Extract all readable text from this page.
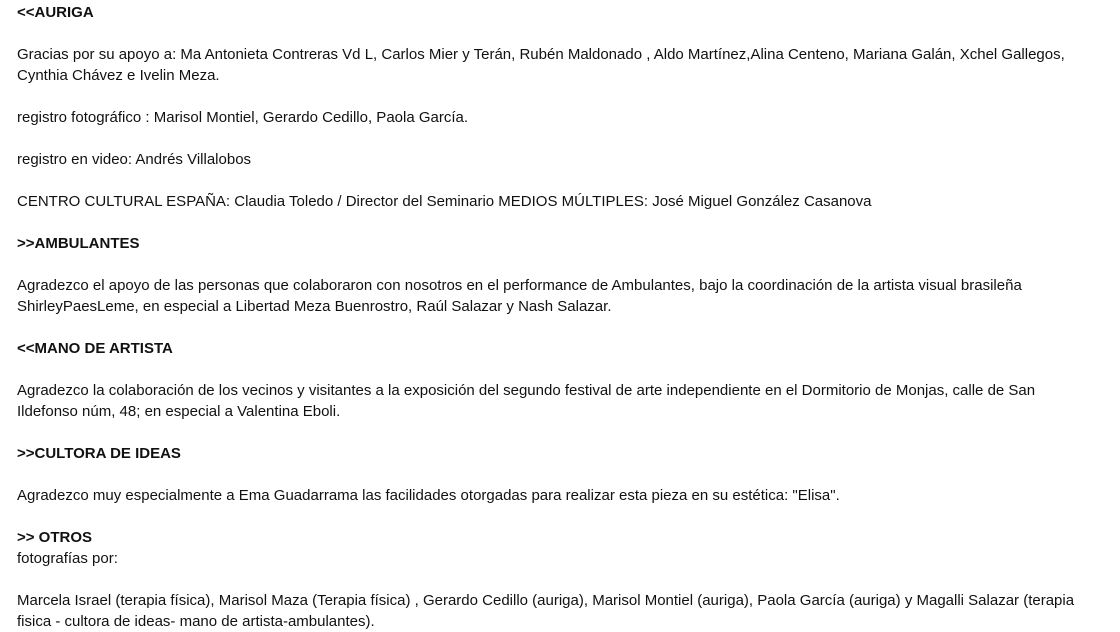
<<AURIGA

Gracias por su apoyo a: Ma Antonieta Contreras Vd L, Carlos Mier y Terán, Rubén Maldonado , Aldo Martínez,Alina Centeno, Mariana Galán, Xchel Gallegos, Cynthia Chávez e Ivelin Meza.

registro fotográfico : Marisol Montiel, Gerardo Cedillo, Paola García.

registro en video: Andrés Villalobos

CENTRO CULTURAL ESPAÑA: Claudia Toledo / Director del Seminario MEDIOS MÚLTIPLES: José Miguel González Casanova

>>AMBULANTES

Agradezco el apoyo de las personas que colaboraron con nosotros en el performance de Ambulantes, bajo la coordinación de la artista visual brasileña ShirleyPaesLeme, en especial a Libertad Meza Buenrostro, Raúl Salazar y Nash Salazar.

<<MANO DE ARTISTA

Agradezco la colaboración de los vecinos y visitantes a la exposición del segundo festival de arte independiente en el Dormitorio de Monjas, calle de San Ildefonso núm, 48; en especial a Valentina Eboli.

>>CULTORA DE IDEAS

Agradezco muy especialmente a Ema Guadarrama las facilidades otorgadas para realizar esta pieza en su estética: "Elisa".

>> OTROS

fotografías por:

Marcela Israel (terapia física), Marisol Maza (Terapia física) , Gerardo Cedillo (auriga), Marisol Montiel (auriga), Paola García (auriga) y Magalli Salazar (terapia fisica - cultora de ideas- mano de artista-ambulantes).
